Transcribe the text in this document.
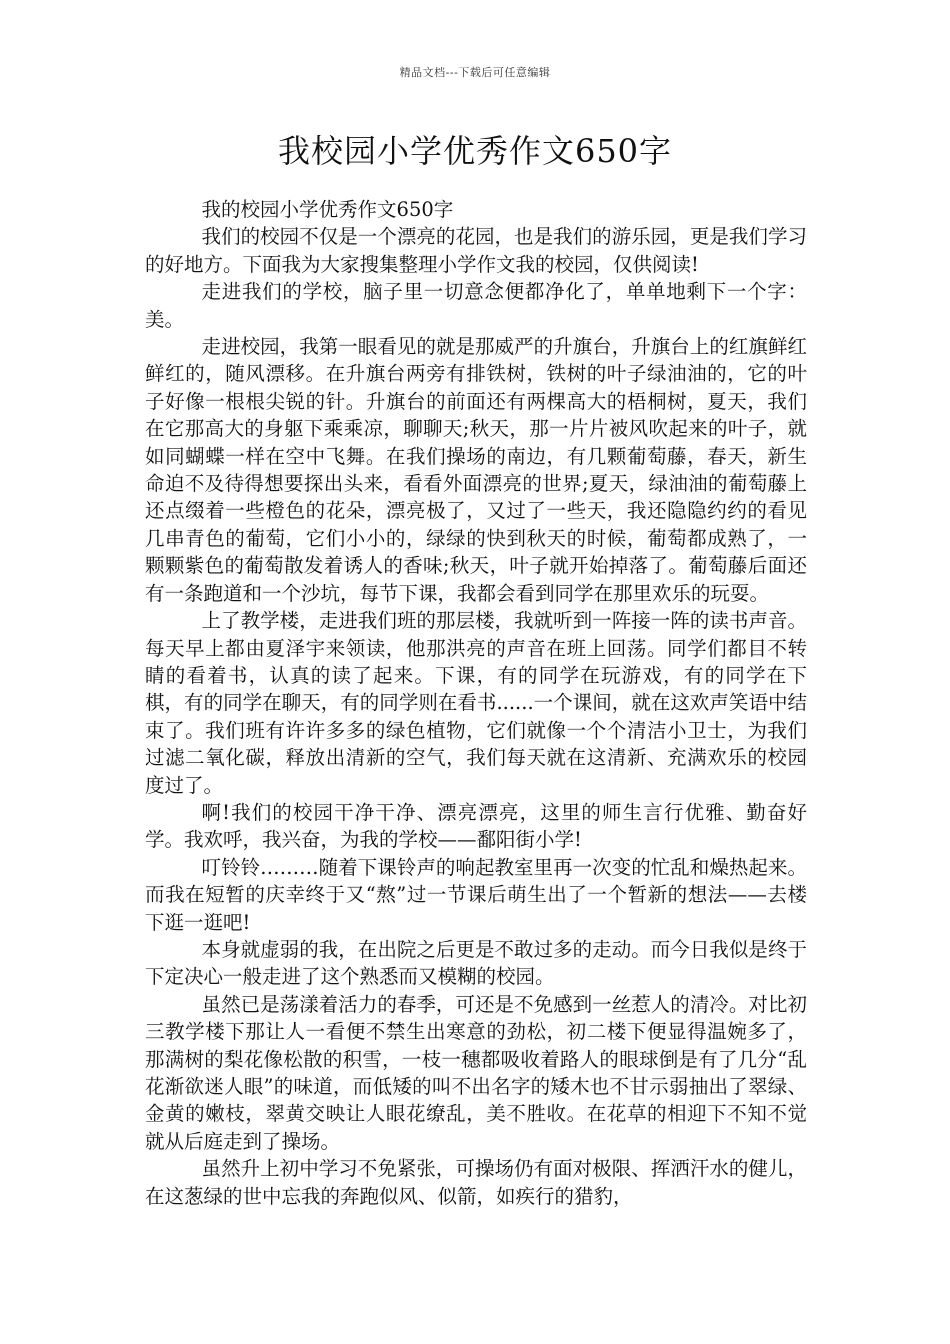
精品文档---下载后可任意编辑
我校园小学优秀作文650字

我的校园小学优秀作文650字

我们的校园不仅是一个漂亮的花园，也是我们的游乐园，更是我们学习的好地方。下面我为大家搜集整理小学作文我的校园，仅供阅读!

走进我们的学校，脑子里一切意念便都净化了，单单地剩下一个字：美。

走进校园，我第一眼看见的就是那威严的升旗台，升旗台上的红旗鲜红鲜红的，随风漂移。在升旗台两旁有排铁树，铁树的叶子绿油油的，它的叶子好像一根根尖锐的针。升旗台的前面还有两棵高大的梧桐树，夏天，我们在它那高大的身躯下乘乘凉，聊聊天;秋天，那一片片被风吹起来的叶子，就如同蝴蝶一样在空中飞舞。在我们操场的南边，有几颗葡萄藤，春天，新生命迫不及待得想要探出头来，看看外面漂亮的世界;夏天，绿油油的葡萄藤上还点缀着一些橙色的花朵，漂亮极了，又过了一些天，我还隐隐约约的看见几串青色的葡萄，它们小小的，绿绿的快到秋天的时候，葡萄都成熟了，一颗颗紫色的葡萄散发着诱人的香味;秋天，叶子就开始掉落了。葡萄藤后面还有一条跑道和一个沙坑，每节下课，我都会看到同学在那里欢乐的玩耍。

上了教学楼，走进我们班的那层楼，我就听到一阵接一阵的读书声音。每天早上都由夏泽宇来领读，他那洪亮的声音在班上回荡。同学们都目不转睛的看着书，认真的读了起来。下课，有的同学在玩游戏，有的同学在下棋，有的同学在聊天，有的同学则在看书......一个课间，就在这欢声笑语中结束了。我们班有许许多多的绿色植物，它们就像一个个清洁小卫士，为我们过滤二氧化碳，释放出清新的空气，我们每天就在这清新、充满欢乐的校园度过了。

啊!我们的校园干净干净、漂亮漂亮，这里的师生言行优雅、勤奋好学。我欢呼，我兴奋，为我的学校——鄱阳街小学!

叮铃铃………随着下课铃声的响起教室里再一次变的忙乱和燥热起来。而我在短暂的庆幸终于又“熬”过一节课后萌生出了一个暂新的想法——去楼下逛一逛吧!

本身就虚弱的我，在出院之后更是不敢过多的走动。而今日我似是终于下定决心一般走进了这个熟悉而又模糊的校园。

虽然已是荡漾着活力的春季，可还是不免感到一丝惹人的清冷。对比初三教学楼下那让人一看便不禁生出寒意的劲松，初二楼下便显得温婉多了，那满树的梨花像松散的积雪，一枝一穗都吸收着路人的眼球倒是有了几分“乱花渐欲迷人眼”的味道，而低矮的叫不出名字的矮木也不甘示弱抽出了翠绿、金黄的嫩枝，翠黄交映让人眼花缭乱，美不胜收。在花草的相迎下不知不觉就从后庭走到了操场。

虽然升上初中学习不免紧张，可操场仍有面对极限、挥洒汗水的健儿，在这葱绿的世中忘我的奔跑似风、似箭，如疾行的猎豹，
